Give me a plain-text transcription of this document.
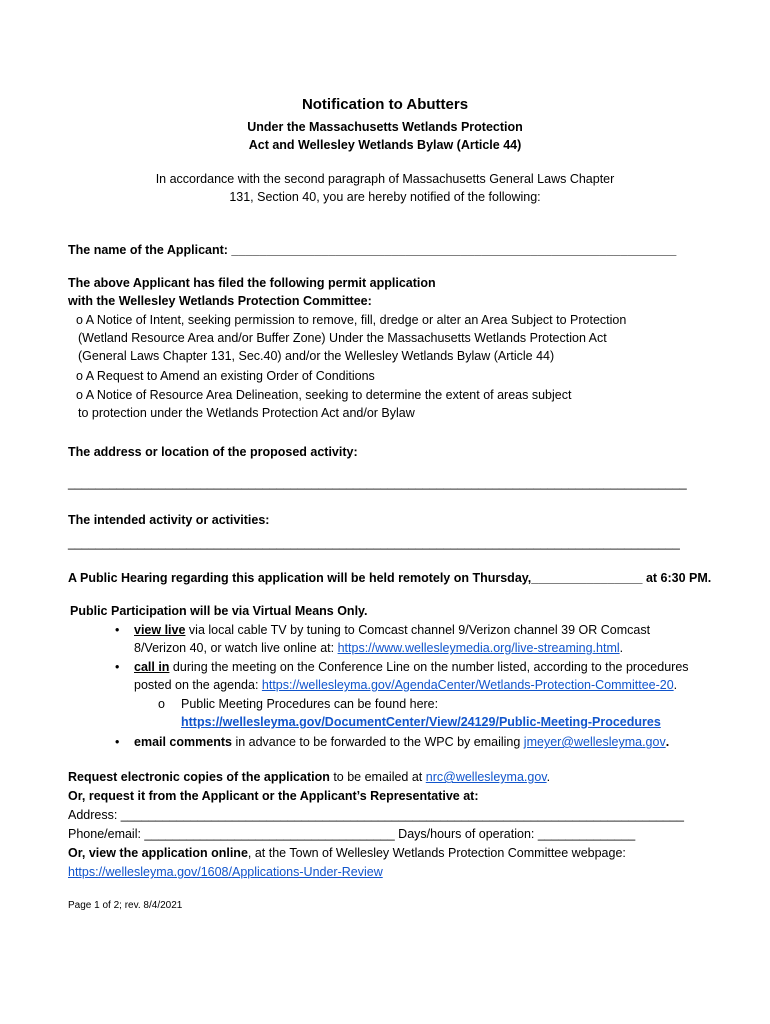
Notification to Abutters
Under the Massachusetts Wetlands Protection
Act and Wellesley Wetlands Bylaw (Article 44)
In accordance with the second paragraph of Massachusetts General Laws Chapter
131, Section 40, you are hereby notified of the following:
The name of the Applicant: ________________________________________________________________
The above Applicant has filed the following permit application
with the Wellesley Wetlands Protection Committee:
o A Notice of Intent, seeking permission to remove, fill, dredge or alter an Area Subject to Protection
(Wetland Resource Area and/or Buffer Zone) Under the Massachusetts Wetlands Protection Act
(General Laws Chapter 131, Sec.40) and/or the Wellesley Wetlands Bylaw (Article 44)
o A Request to Amend an existing Order of Conditions
o A Notice of Resource Area Delineation, seeking to determine the extent of areas subject
to protection under the Wetlands Protection Act and/or Bylaw
The address or location of the proposed activity:
_________________________________________________________________________________________
The intended activity or activities:
________________________________________________________________________________________
A Public Hearing regarding this application will be held remotely on Thursday,________________ at 6:30 PM.
Public Participation will be via Virtual Means Only.
• view live via local cable TV by tuning to Comcast channel 9/Verizon channel 39 OR Comcast
8/Verizon 40, or watch live online at: https://www.wellesleymedia.org/live-streaming.html.
• call in during the meeting on the Conference Line on the number listed, according to the procedures
posted on the agenda: https://wellesleyma.gov/AgendaCenter/Wetlands-Protection-Committee-20.
o Public Meeting Procedures can be found here:
https://wellesleyma.gov/DocumentCenter/View/24129/Public-Meeting-Procedures
• email comments in advance to be forwarded to the WPC by emailing jmeyer@wellesleyma.gov.
Request electronic copies of the application to be emailed at nrc@wellesleyma.gov.
Or, request it from the Applicant or the Applicant’s Representative at:
Address: _________________________________________________________________________________
Phone/email: ____________________________________ Days/hours of operation: ______________
Or, view the application online, at the Town of Wellesley Wetlands Protection Committee webpage:
https://wellesleyma.gov/1608/Applications-Under-Review
Page 1 of 2; rev. 8/4/2021
